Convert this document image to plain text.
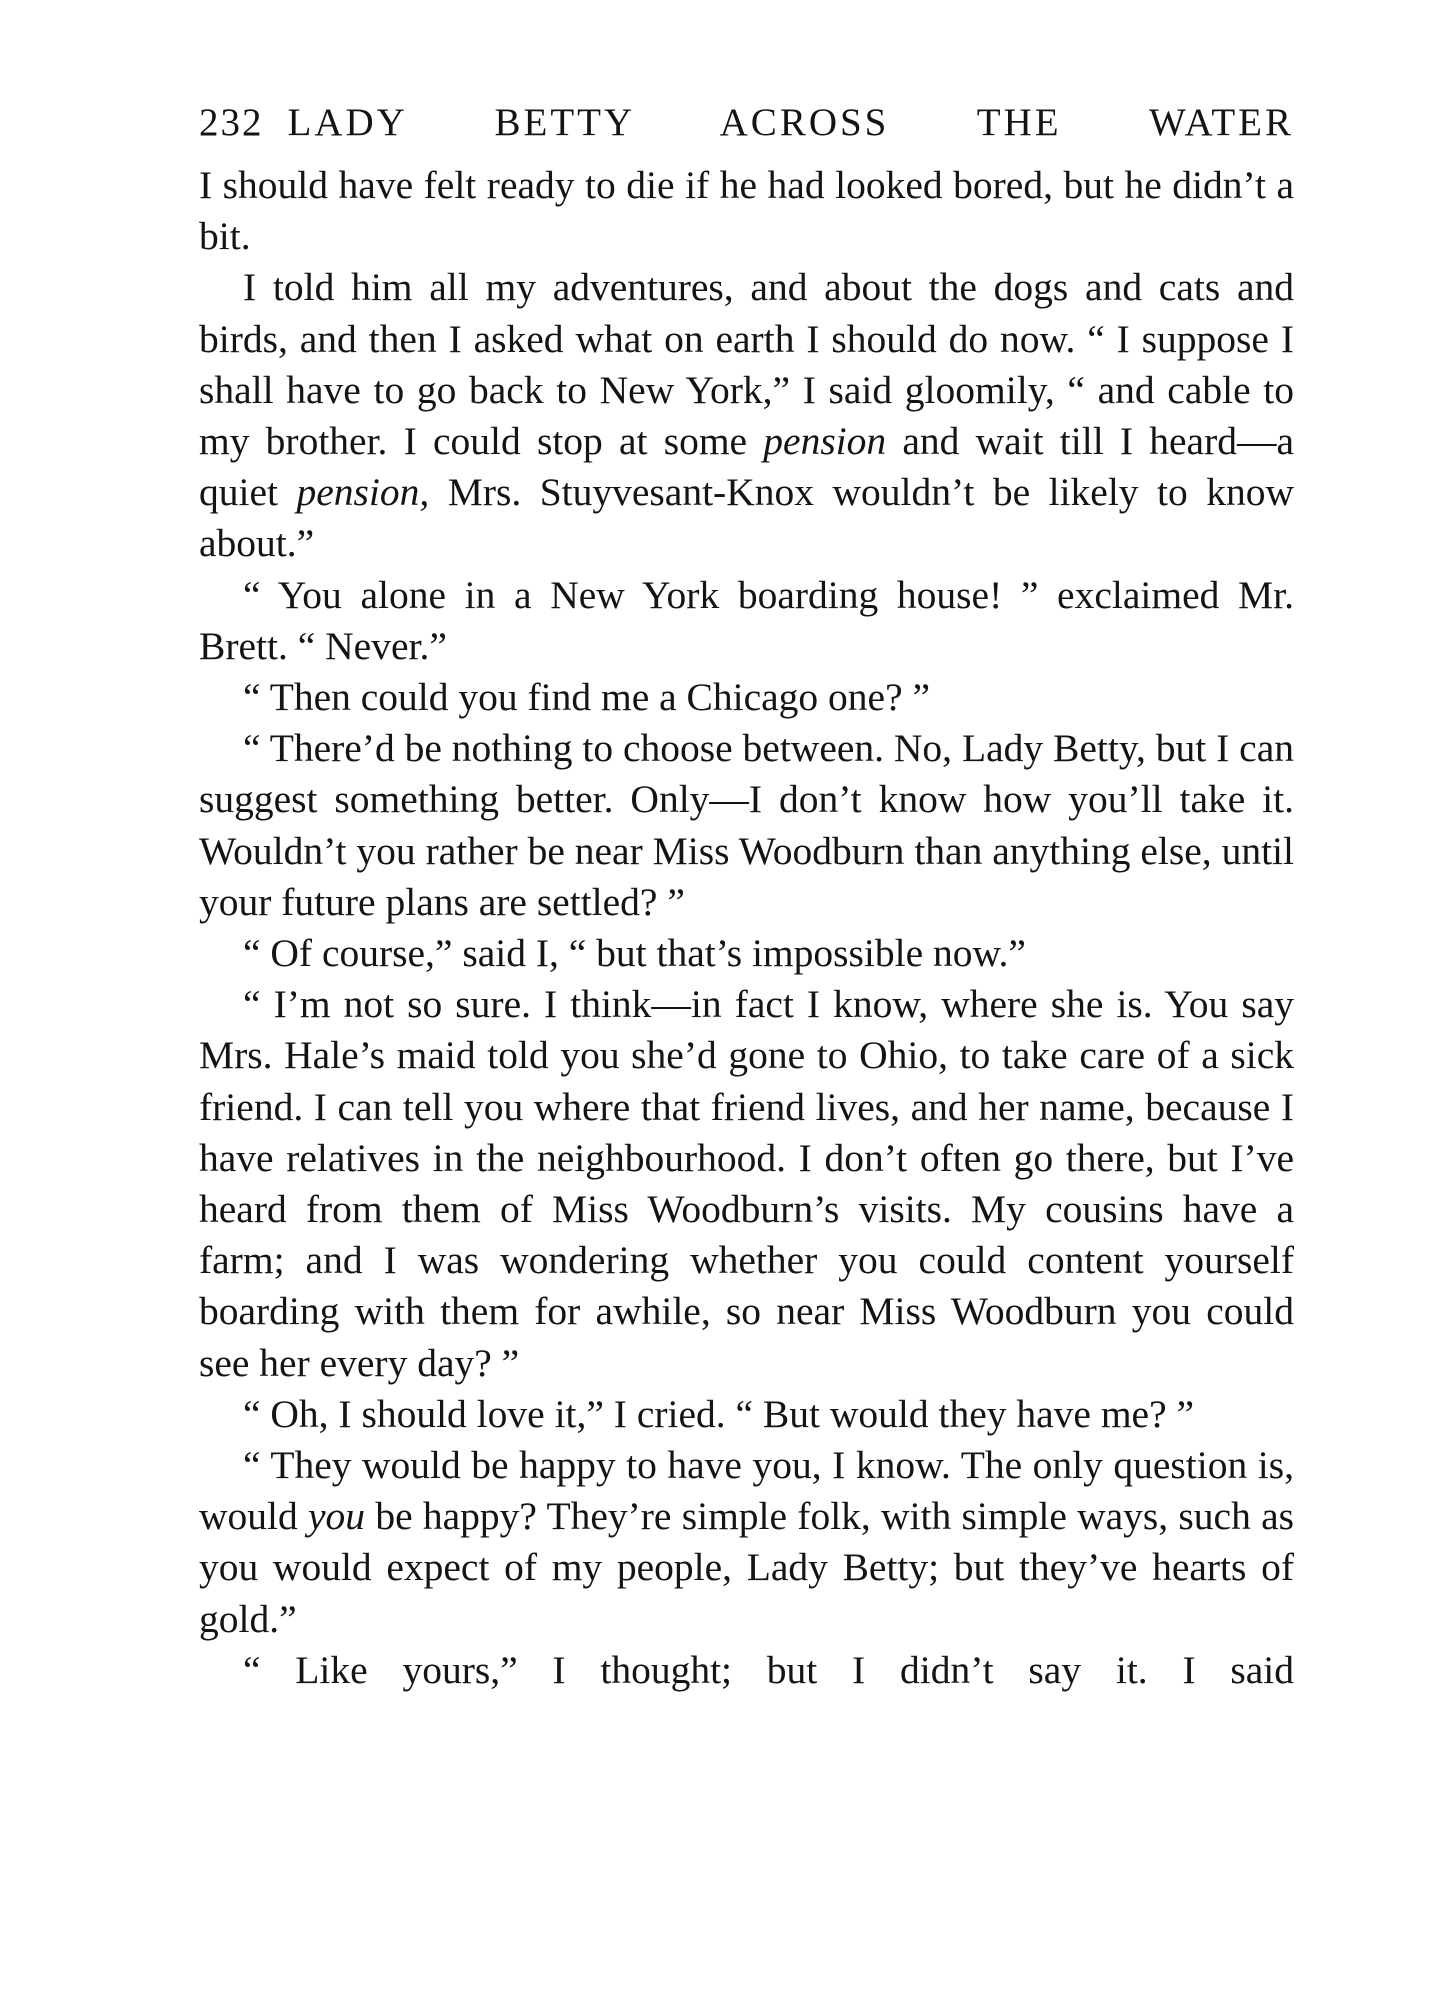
232 LADY BETTY ACROSS THE WATER

I should have felt ready to die if he had looked bored, but he didn’t a bit.

I told him all my adventures, and about the dogs and cats and birds, and then I asked what on earth I should do now. “ I suppose I shall have to go back to New York,” I said gloomily, “ and cable to my brother. I could stop at some pension and wait till I heard—a quiet pension, Mrs. Stuyvesant-Knox wouldn’t be likely to know about.”

“ You alone in a New York boarding house! ” exclaimed Mr. Brett. “ Never.”

“ Then could you find me a Chicago one? ”

“ There’d be nothing to choose between. No, Lady Betty, but I can suggest something better. Only—I don’t know how you’ll take it. Wouldn’t you rather be near Miss Woodburn than anything else, until your future plans are settled? ”

“ Of course,” said I, “ but that’s impossible now.”

“ I’m not so sure. I think—in fact I know, where she is. You say Mrs. Hale’s maid told you she’d gone to Ohio, to take care of a sick friend. I can tell you where that friend lives, and her name, because I have relatives in the neighbourhood. I don’t often go there, but I’ve heard from them of Miss Woodburn’s visits. My cousins have a farm; and I was wondering whether you could content yourself boarding with them for awhile, so near Miss Woodburn you could see her every day? ”

“ Oh, I should love it,” I cried. “ But would they have me? ”

“ They would be happy to have you, I know. The only question is, would you be happy? They’re simple folk, with simple ways, such as you would expect of my people, Lady Betty; but they’ve hearts of gold.”

“ Like yours,” I thought; but I didn’t say it. I said
